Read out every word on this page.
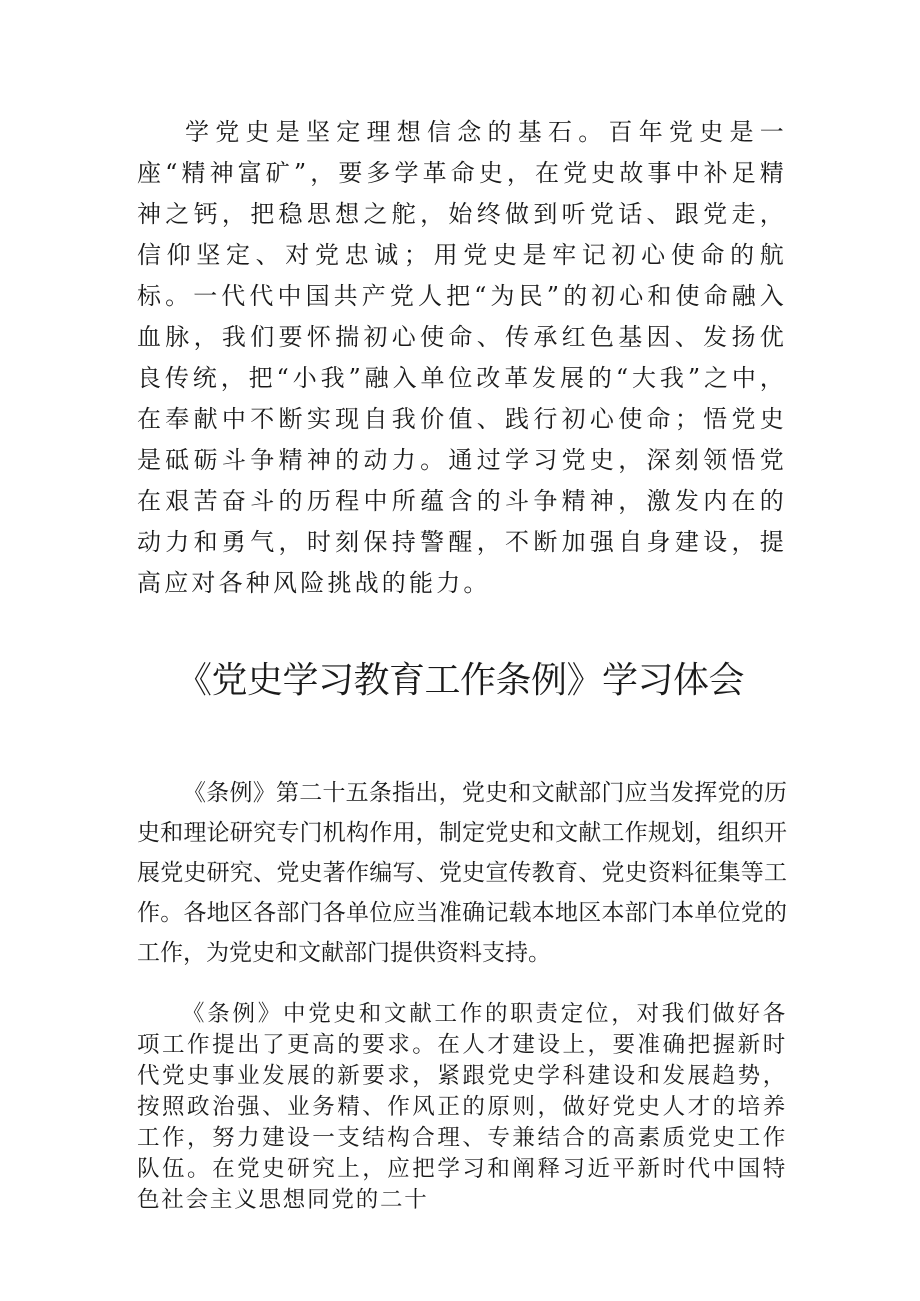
学党史是坚定理想信念的基石。百年党史是一座“精神富矿”，要多学革命史，在党史故事中补足精神之钙，把稳思想之舵，始终做到听党话、跟党走，信仰坚定、对党忠诚；用党史是牢记初心使命的航标。一代代中国共产党人把“为民”的初心和使命融入血脉，我们要怀揣初心使命、传承红色基因、发扬优良传统，把“小我”融入单位改革发展的“大我”之中，在奉献中不断实现自我价值、践行初心使命；悟党史是砥砺斗争精神的动力。通过学习党史，深刻领悟党在艰苦奋斗的历程中所蕴含的斗争精神，激发内在的动力和勇气，时刻保持警醒，不断加强自身建设，提高应对各种风险挑战的能力。

《党史学习教育工作条例》学习体会

《条例》第二十五条指出，党史和文献部门应当发挥党的历史和理论研究专门机构作用，制定党史和文献工作规划，组织开展党史研究、党史著作编写、党史宣传教育、党史资料征集等工作。各地区各部门各单位应当准确记载本地区本部门本单位党的工作，为党史和文献部门提供资料支持。

《条例》中党史和文献工作的职责定位，对我们做好各项工作提出了更高的要求。在人才建设上，要准确把握新时代党史事业发展的新要求，紧跟党史学科建设和发展趋势，按照政治强、业务精、作风正的原则，做好党史人才的培养工作，努力建设一支结构合理、专兼结合的高素质党史工作队伍。在党史研究上，应把学习和阐释习近平新时代中国特色社会主义思想同党的二十
